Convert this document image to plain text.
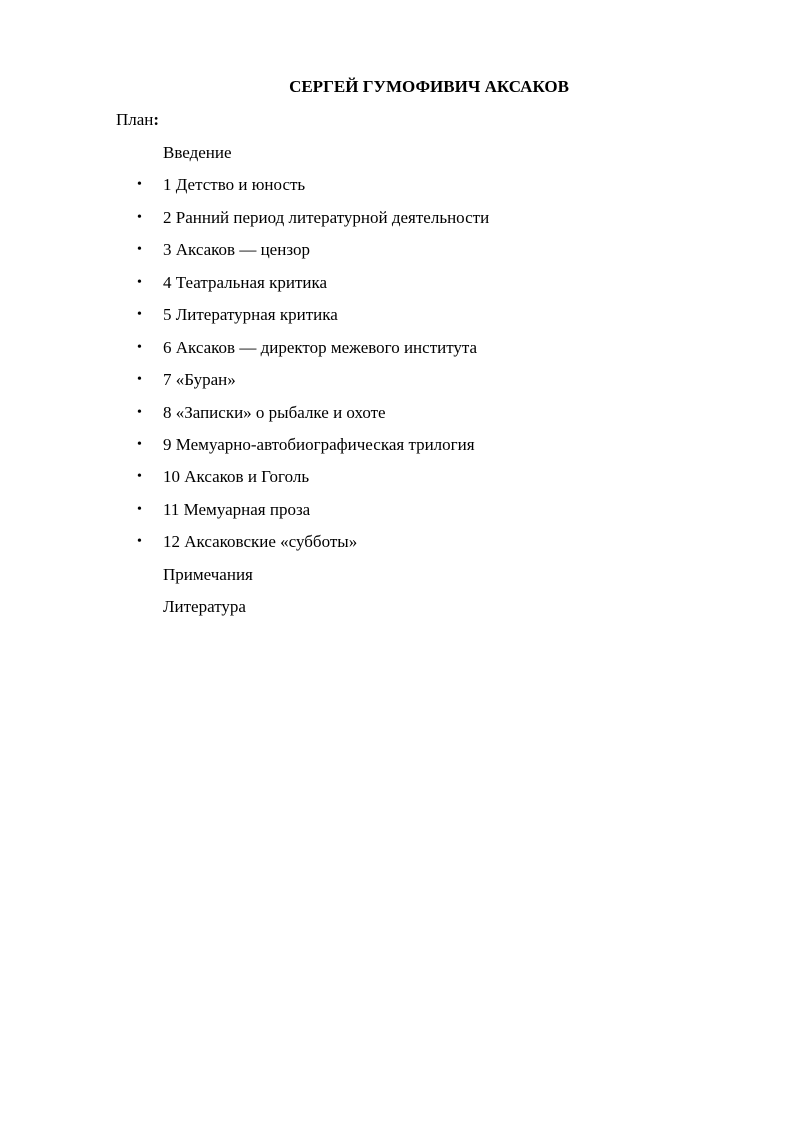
СЕРГЕЙ ГУМОФИВИЧ АКСАКОВ
План:
Введение
• 1 Детство и юность
• 2 Ранний период литературной деятельности
• 3 Аксаков — цензор
• 4 Театральная критика
• 5 Литературная критика
• 6 Аксаков — директор межевого института
• 7 «Буран»
• 8 «Записки» о рыбалке и охоте
• 9 Мемуарно-автобиографическая трилогия
• 10 Аксаков и Гоголь
• 11 Мемуарная проза
• 12 Аксаковские «субботы»
Примечания
Литература
